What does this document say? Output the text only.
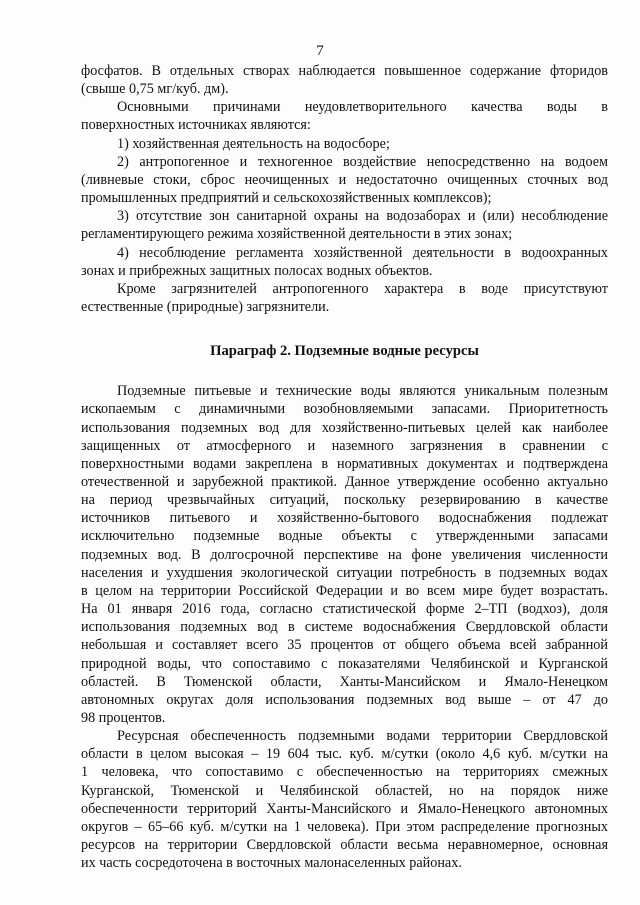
7
фосфатов. В отдельных створах наблюдается повышенное содержание фторидов
(свыше 0,75 мг/куб. дм).
Основными причинами неудовлетворительного качества воды в
поверхностных источниках являются:
1) хозяйственная деятельность на водосборе;
2) антропогенное и техногенное воздействие непосредственно на водоем
(ливневые стоки, сброс неочищенных и недостаточно очищенных сточных вод
промышленных предприятий и сельскохозяйственных комплексов);
3) отсутствие зон санитарной охраны на водозаборах и (или) несоблюдение
регламентирующего режима хозяйственной деятельности в этих зонах;
4) несоблюдение регламента хозяйственной деятельности в водоохранных
зонах и прибрежных защитных полосах водных объектов.
Кроме загрязнителей антропогенного характера в воде присутствуют
естественные (природные) загрязнители.
Параграф 2. Подземные водные ресурсы
Подземные питьевые и технические воды являются уникальным полезным
ископаемым с динамичными возобновляемыми запасами. Приоритетность
использования подземных вод для хозяйственно-питьевых целей как наиболее
защищенных от атмосферного и наземного загрязнения в сравнении с
поверхностными водами закреплена в нормативных документах и подтверждена
отечественной и зарубежной практикой. Данное утверждение особенно актуально
на период чрезвычайных ситуаций, поскольку резервированию в качестве
источников питьевого и хозяйственно-бытового водоснабжения подлежат
исключительно подземные водные объекты с утвержденными запасами
подземных вод. В долгосрочной перспективе на фоне увеличения численности
населения и ухудшения экологической ситуации потребность в подземных водах
в целом на территории Российской Федерации и во всем мире будет возрастать.
На 01 января 2016 года, согласно статистической форме 2–ТП (водхоз), доля
использования подземных вод в системе водоснабжения Свердловской области
небольшая и составляет всего 35 процентов от общего объема всей забранной
природной воды, что сопоставимо с показателями Челябинской и Курганской
областей. В Тюменской области, Ханты-Мансийском и Ямало-Ненецком
автономных округах доля использования подземных вод выше – от 47 до
98 процентов.
Ресурсная обеспеченность подземными водами территории Свердловской
области в целом высокая – 19 604 тыс. куб. м/сутки (около 4,6 куб. м/сутки на
1 человека, что сопоставимо с обеспеченностью на территориях смежных
Курганской, Тюменской и Челябинской областей, но на порядок ниже
обеспеченности территорий Ханты-Мансийского и Ямало-Ненецкого автономных
округов – 65–66 куб. м/сутки на 1 человека). При этом распределение прогнозных
ресурсов на территории Свердловской области весьма неравномерное, основная
их часть сосредоточена в восточных малонаселенных районах.
